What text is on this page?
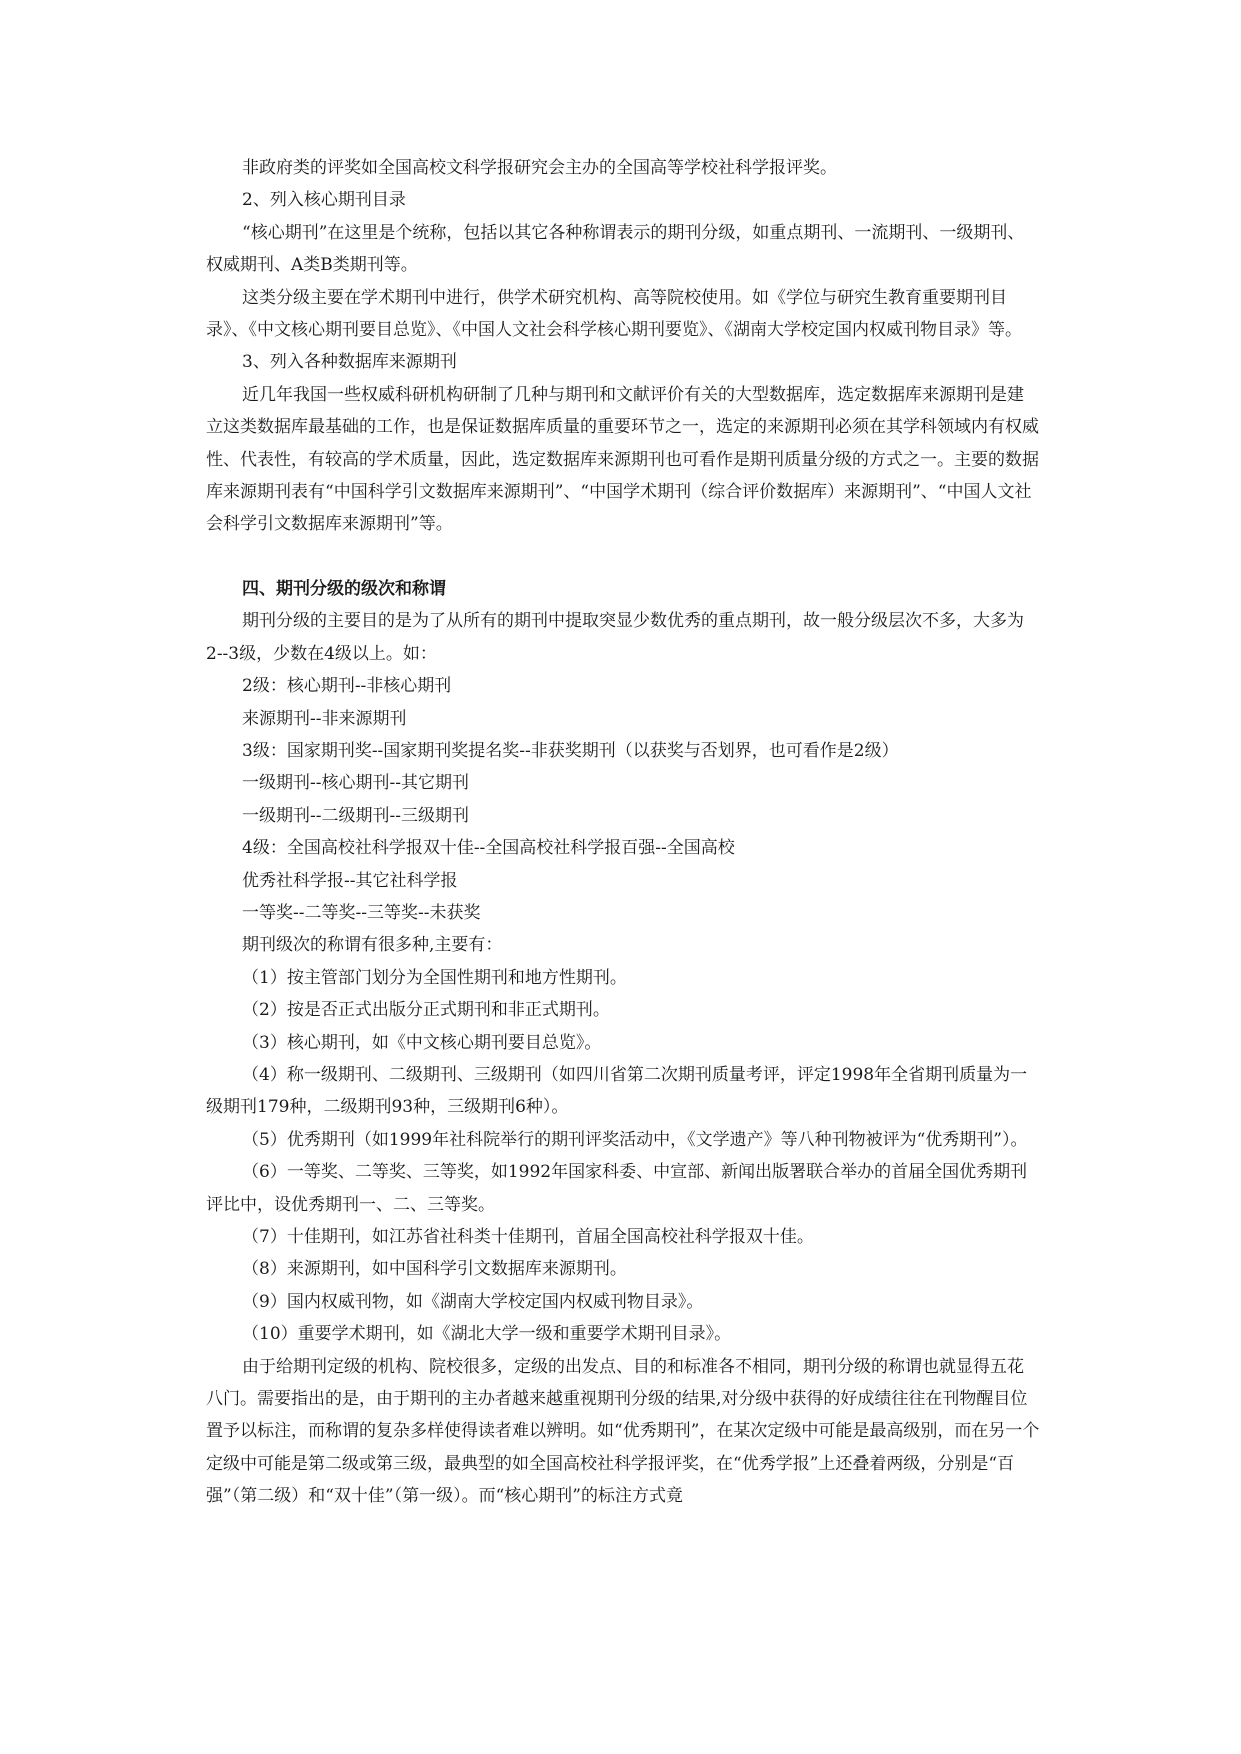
非政府类的评奖如全国高校文科学报研究会主办的全国高等学校社科学报评奖。

2、列入核心期刊目录

“核心期刊”在这里是个统称，包括以其它各种称谓表示的期刊分级，如重点期刊、一流期刊、一级期刊、权威期刊、A类B类期刊等。

这类分级主要在学术期刊中进行，供学术研究机构、高等院校使用。如《学位与研究生教育重要期刊目录》、《中文核心期刊要目总览》、《中国人文社会科学核心期刊要览》、《湖南大学校定国内权威刊物目录》等。

3、列入各种数据库来源期刊

近几年我国一些权威科研机构研制了几种与期刊和文献评价有关的大型数据库，选定数据库来源期刊是建立这类数据库最基础的工作，也是保证数据库质量的重要环节之一，选定的来源期刊必须在其学科领域内有权威性、代表性，有较高的学术质量，因此，选定数据库来源期刊也可看作是期刊质量分级的方式之一。主要的数据库来源期刊表有“中国科学引文数据库来源期刊”、“中国学术期刊（综合评价数据库）来源期刊”、“中国人文社会科学引文数据库来源期刊”等。

四、期刊分级的级次和称谓

期刊分级的主要目的是为了从所有的期刊中提取突显少数优秀的重点期刊，故一般分级层次不多，大多为2--3级，少数在4级以上。如：

2级：核心期刊--非核心期刊

来源期刊--非来源期刊

3级：国家期刊奖--国家期刊奖提名奖--非获奖期刊（以获奖与否划界，也可看作是2级）

一级期刊--核心期刊--其它期刊

一级期刊--二级期刊--三级期刊

4级：全国高校社科学报双十佳--全国高校社科学报百强--全国高校

优秀社科学报--其它社科学报

一等奖--二等奖--三等奖--未获奖

期刊级次的称谓有很多种,主要有：

（1）按主管部门划分为全国性期刊和地方性期刊。

（2）按是否正式出版分正式期刊和非正式期刊。

（3）核心期刊，如《中文核心期刊要目总览》。

（4）称一级期刊、二级期刊、三级期刊（如四川省第二次期刊质量考评，评定1998年全省期刊质量为一级期刊179种，二级期刊93种，三级期刊6种）。

（5）优秀期刊（如1999年社科院举行的期刊评奖活动中，《文学遗产》等八种刊物被评为“优秀期刊”）。

（6）一等奖、二等奖、三等奖，如1992年国家科委、中宣部、新闻出版署联合举办的首届全国优秀期刊评比中，设优秀期刊一、二、三等奖。

（7）十佳期刊，如江苏省社科类十佳期刊，首届全国高校社科学报双十佳。

（8）来源期刊，如中国科学引文数据库来源期刊。

（9）国内权威刊物，如《湖南大学校定国内权威刊物目录》。

（10）重要学术期刊，如《湖北大学一级和重要学术期刊目录》。

由于给期刊定级的机构、院校很多，定级的出发点、目的和标准各不相同，期刊分级的称谓也就显得五花八门。需要指出的是，由于期刊的主办者越来越重视期刊分级的结果,对分级中获得的好成绩往往在刊物醒目位置予以标注，而称谓的复杂多样使得读者难以辨明。如“优秀期刊”，在某次定级中可能是最高级别，而在另一个定级中可能是第二级或第三级，最典型的如全国高校社科学报评奖，在“优秀学报”上还叠着两级，分别是“百强”（第二级）和“双十佳”（第一级）。而“核心期刊”的标注方式竟
